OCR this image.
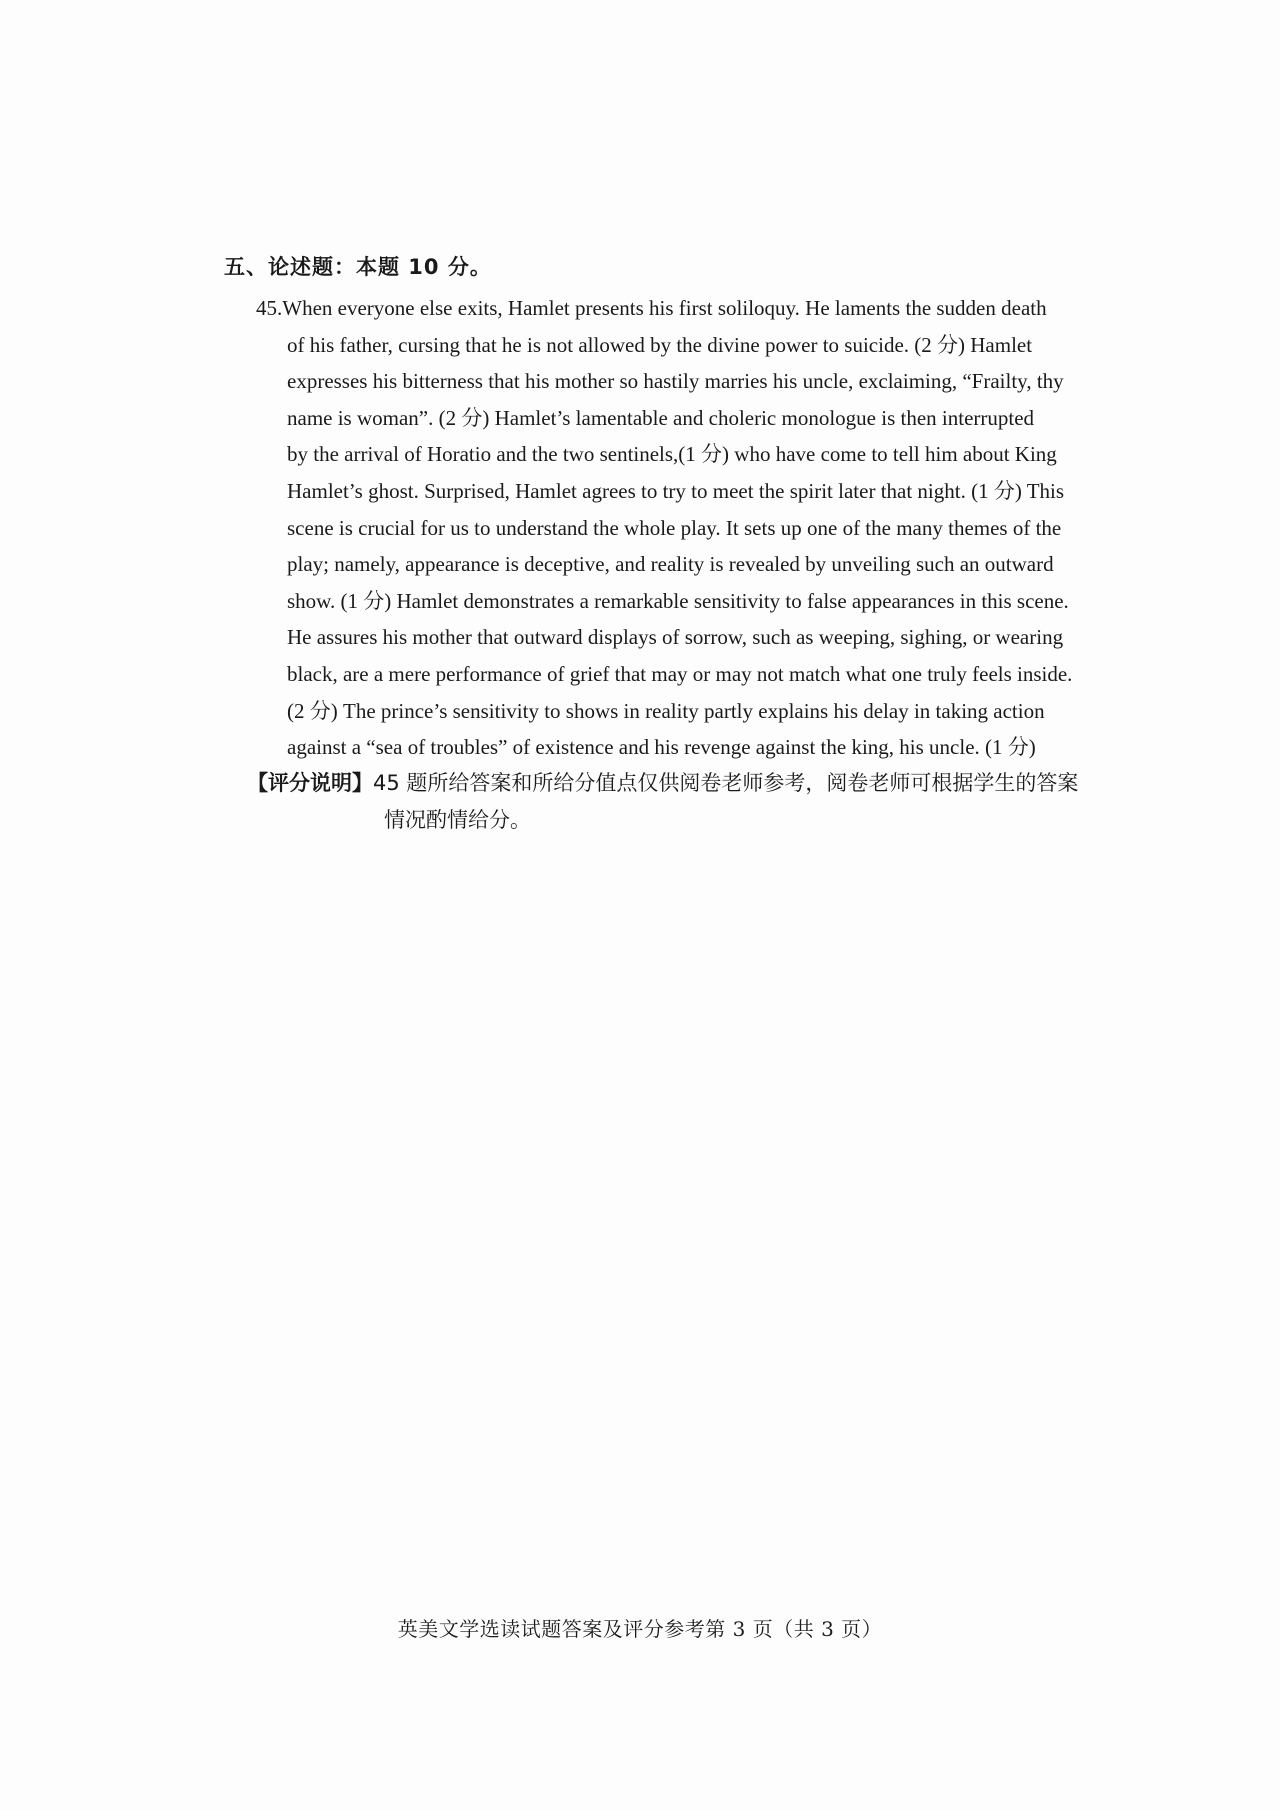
五、论述题：本题 10 分。
45.When everyone else exits, Hamlet presents his first soliloquy. He laments the sudden death
of his father, cursing that he is not allowed by the divine power to suicide. (2 分) Hamlet
expresses his bitterness that his mother so hastily marries his uncle, exclaiming, “Frailty, thy
name is woman”. (2 分) Hamlet’s lamentable and choleric monologue is then interrupted
by the arrival of Horatio and the two sentinels,(1 分) who have come to tell him about King
Hamlet’s ghost. Surprised, Hamlet agrees to try to meet the spirit later that night. (1 分) This
scene is crucial for us to understand the whole play. It sets up one of the many themes of the
play; namely, appearance is deceptive, and reality is revealed by unveiling such an outward
show. (1 分) Hamlet demonstrates a remarkable sensitivity to false appearances in this scene.
He assures his mother that outward displays of sorrow, such as weeping, sighing, or wearing
black, are a mere performance of grief that may or may not match what one truly feels inside.
(2 分) The prince’s sensitivity to shows in reality partly explains his delay in taking action
against a “sea of troubles” of existence and his revenge against the king, his uncle. (1 分)
【评分说明】45 题所给答案和所给分值点仅供阅卷老师参考，阅卷老师可根据学生的答案
情况酌情给分。
英美文学选读试题答案及评分参考第 3 页（共 3 页）
